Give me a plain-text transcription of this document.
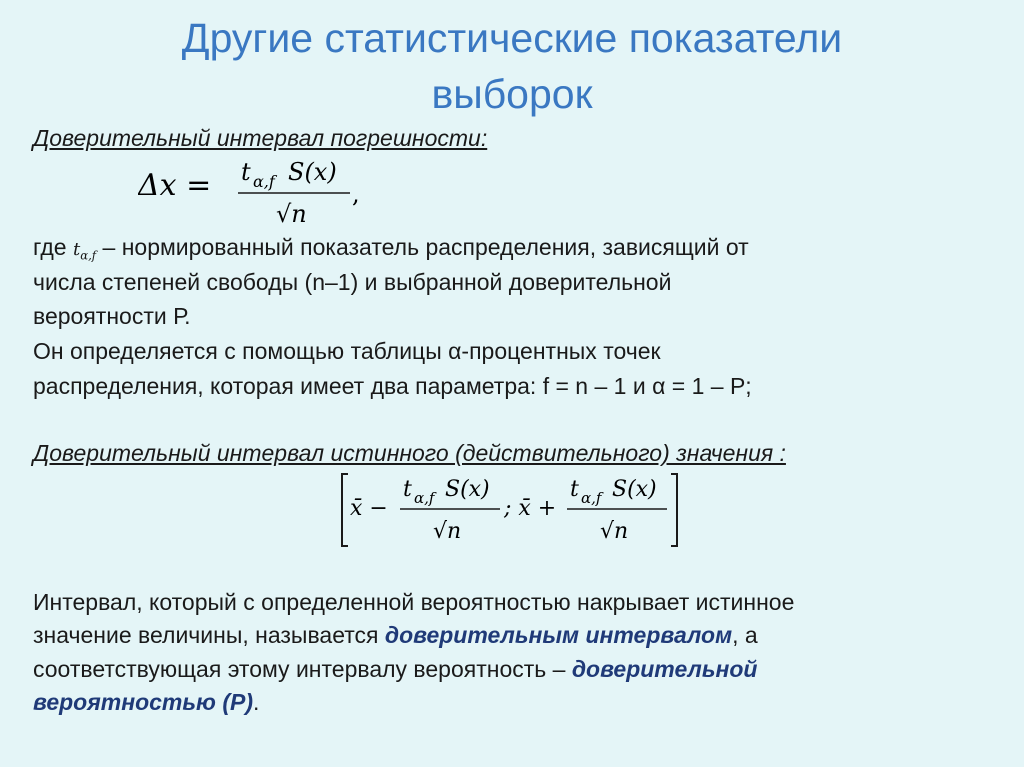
Другие статистические показатели
выборок
Доверительный интервал погрешности:
Δx = t α,f S(x)
√n
,
где $t_{\alpha,f}$ – нормированный показатель распределения, зависящий от
числа степеней свободы (n–1) и выбранной доверительной
вероятности Р.
Он определяется с помощью таблицы α-процентных точек
распределения, которая имеет два параметра: f = n – 1 и α = 1 – P;
Доверительный интервал истинного (действительного) значения :
x̄ −
t α,f S(x)
√n
; x̄ +
t α,f S(x)
√n
Интервал, который с определенной вероятностью накрывает истинное
значение величины, называется доверительным интервалом, а
соответствующая этому интервалу вероятность – доверительной
вероятностью (Р).
